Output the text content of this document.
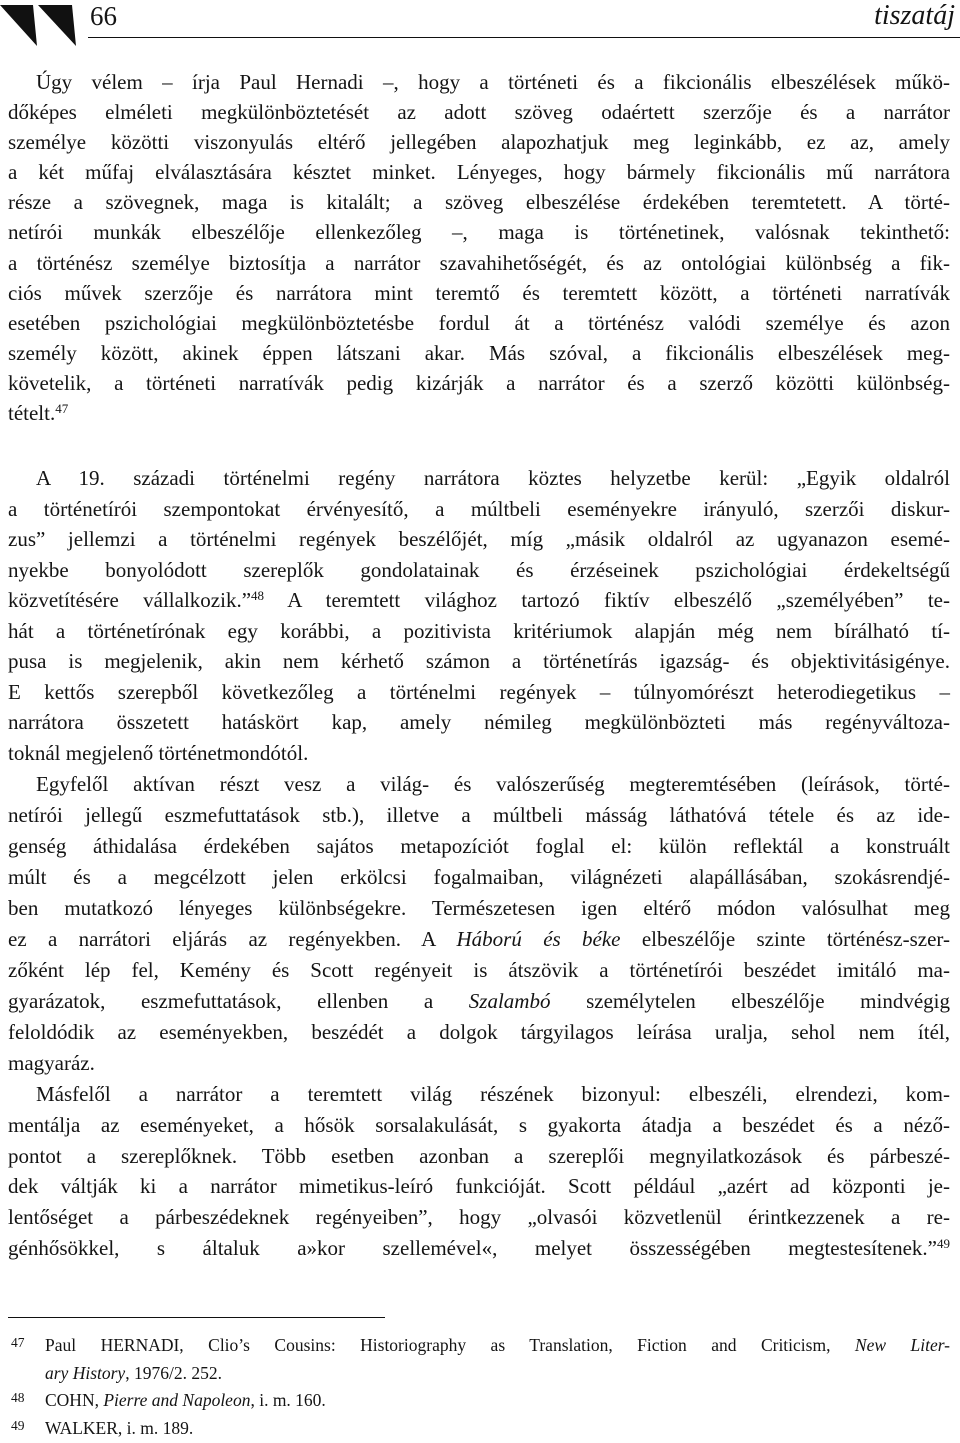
66	tiszatáj
Úgy vélem – írja Paul Hernadi –, hogy a történeti és a fikcionális elbeszélések műkö-
dőképes elméleti megkülönböztetését az adott szöveg odaértett szerzője és a narrátor
személye közötti viszonyulás eltérő jellegében alapozhatjuk meg leginkább, ez az, amely
a két műfaj elválasztására késztet minket. Lényeges, hogy bármely fikcionális mű narrátora
része a szövegnek, maga is kitalált; a szöveg elbeszélése érdekében teremtetett. A törté-
netírói munkák elbeszélője ellenkezőleg –, maga is történetinek, valósnak tekinthető:
a történész személye biztosítja a narrátor szavahihetőségét, és az ontológiai különbség a fik-
ciós művek szerzője és narrátora mint teremtő és teremtett között, a történeti narratívák
esetében pszichológiai megkülönböztetésbe fordul át a történész valódi személye és azon
személy között, akinek éppen látszani akar. Más szóval, a fikcionális elbeszélések meg-
követelik, a történeti narratívák pedig kizárják a narrátor és a szerző közötti különbség-
tételt.$^{47}$
A 19. századi történelmi regény narrátora köztes helyzetbe kerül: „Egyik oldalról
a történetírói szempontokat érvényesítő, a múltbeli eseményekre irányuló, szerzői diskur-
zus” jellemzi a történelmi regények beszélőjét, míg „másik oldalról az ugyanazon esemé-
nyekbe bonyolódott szereplők gondolatainak és érzéseinek pszichológiai érdekeltségű
közvetítésére vállalkozik.”$^{48}$ A teremtett világhoz tartozó fiktív elbeszélő „személyében” te-
hát a történetírónak egy korábbi, a pozitivista kritériumok alapján még nem bírálható tí-
pusa is megjelenik, akin nem kérhető számon a történetírás igazság- és objektivitásigénye.
E kettős szerepből következőleg a történelmi regények – túlnyomórészt heterodiegetikus –
narrátora összetett hatáskört kap, amely némileg megkülönbözteti más regényváltoza-
toknál megjelenő történetmondótól.
Egyfelől aktívan részt vesz a világ- és valószerűség megteremtésében (leírások, törté-
netírói jellegű eszmefuttatások stb.), illetve a múltbeli másság láthatóvá tétele és az ide-
genség áthidalása érdekében sajátos metapozíciót foglal el: külön reflektál a konstruált
múlt és a megcélzott jelen erkölcsi fogalmaiban, világnézeti alapállásában, szokásrendjé-
ben mutatkozó lényeges különbségekre. Természetesen igen eltérő módon valósulhat meg
ez a narrátori eljárás az regényekben. A Háború és béke elbeszélője szinte történész-szer-
zőként lép fel, Kemény és Scott regényeit is átszövik a történetírói beszédet imitáló ma-
gyarázatok, eszmefuttatások, ellenben a Szalambó személytelen elbeszélője mindvégig
feloldódik az eseményekben, beszédét a dolgok tárgyilagos leírása uralja, sehol nem ítél,
magyaráz.
Másfelől a narrátor a teremtett világ részének bizonyul: elbeszéli, elrendezi, kom-
mentálja az eseményeket, a hősök sorsalakulását, s gyakorta átadja a beszédet és a néző-
pontot a szereplőknek. Több esetben azonban a szereplői megnyilatkozások és párbeszé-
dek váltják ki a narrátor mimetikus-leíró funkcióját. Scott például „azért ad központi je-
lentőséget a párbeszédeknek regényeiben”, hogy „olvasói közvetlenül érintkezzenek a re-
génhősökkel, s általuk a»kor szellemével«, melyet összességében megtestesítenek.”$^{49}$
47 Paul HERNADI, Clio’s Cousins: Historiography as Translation, Fiction and Criticism, New Liter-
ary History, 1976/2. 252.
48 COHN, Pierre and Napoleon, i. m. 160.
49 WALKER, i. m. 189.
